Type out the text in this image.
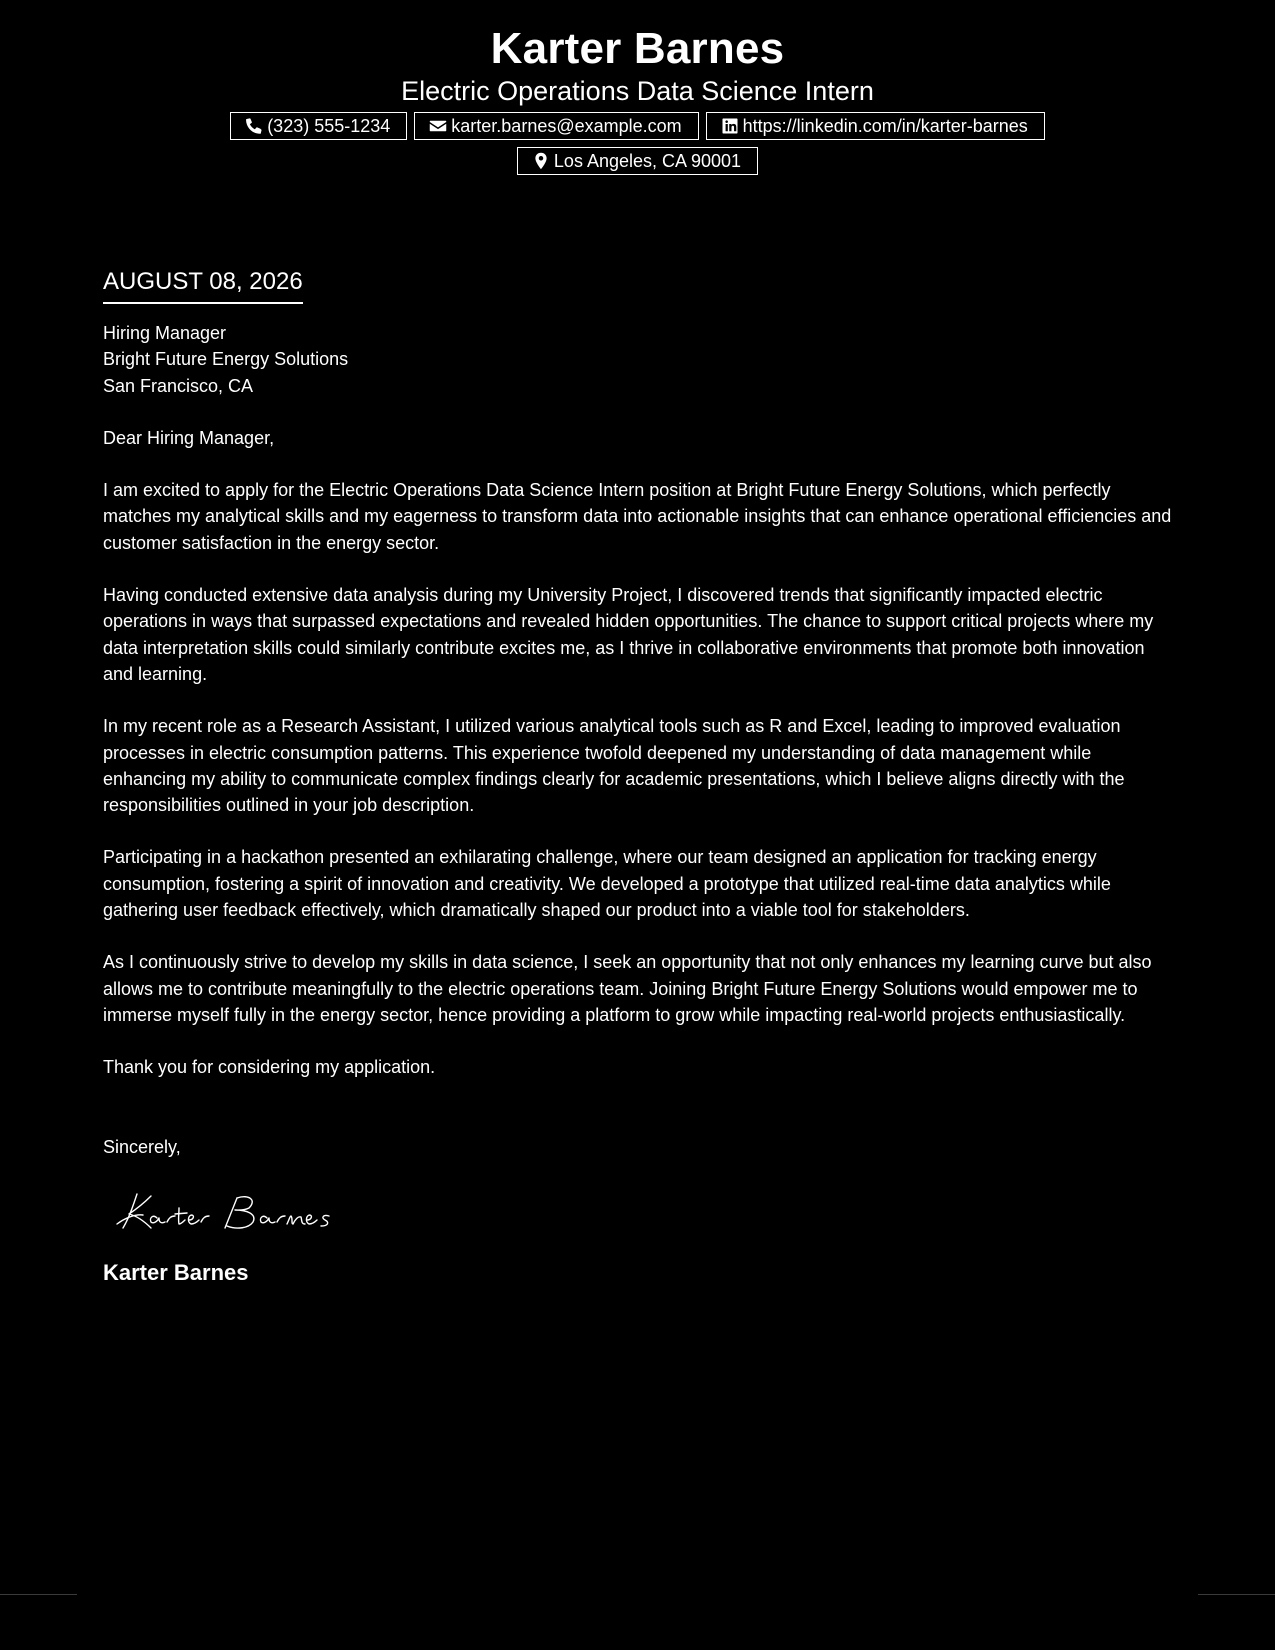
Karter Barnes
Electric Operations Data Science Intern
(323) 555-1234	karter.barnes@example.com	https://linkedin.com/in/karter-barnes
Los Angeles, CA 90001
AUGUST 08, 2026
Hiring Manager
Bright Future Energy Solutions
San Francisco, CA
Dear Hiring Manager,
I am excited to apply for the Electric Operations Data Science Intern position at Bright Future Energy Solutions, which perfectly matches my analytical skills and my eagerness to transform data into actionable insights that can enhance operational efficiencies and customer satisfaction in the energy sector.
Having conducted extensive data analysis during my University Project, I discovered trends that significantly impacted electric operations in ways that surpassed expectations and revealed hidden opportunities. The chance to support critical projects where my data interpretation skills could similarly contribute excites me, as I thrive in collaborative environments that promote both innovation and learning.
In my recent role as a Research Assistant, I utilized various analytical tools such as R and Excel, leading to improved evaluation processes in electric consumption patterns. This experience twofold deepened my understanding of data management while enhancing my ability to communicate complex findings clearly for academic presentations, which I believe aligns directly with the responsibilities outlined in your job description.
Participating in a hackathon presented an exhilarating challenge, where our team designed an application for tracking energy consumption, fostering a spirit of innovation and creativity. We developed a prototype that utilized real-time data analytics while gathering user feedback effectively, which dramatically shaped our product into a viable tool for stakeholders.
As I continuously strive to develop my skills in data science, I seek an opportunity that not only enhances my learning curve but also allows me to contribute meaningfully to the electric operations team. Joining Bright Future Energy Solutions would empower me to immerse myself fully in the energy sector, hence providing a platform to grow while impacting real-world projects enthusiastically.
Thank you for considering my application.
Sincerely,
Karter Barnes
